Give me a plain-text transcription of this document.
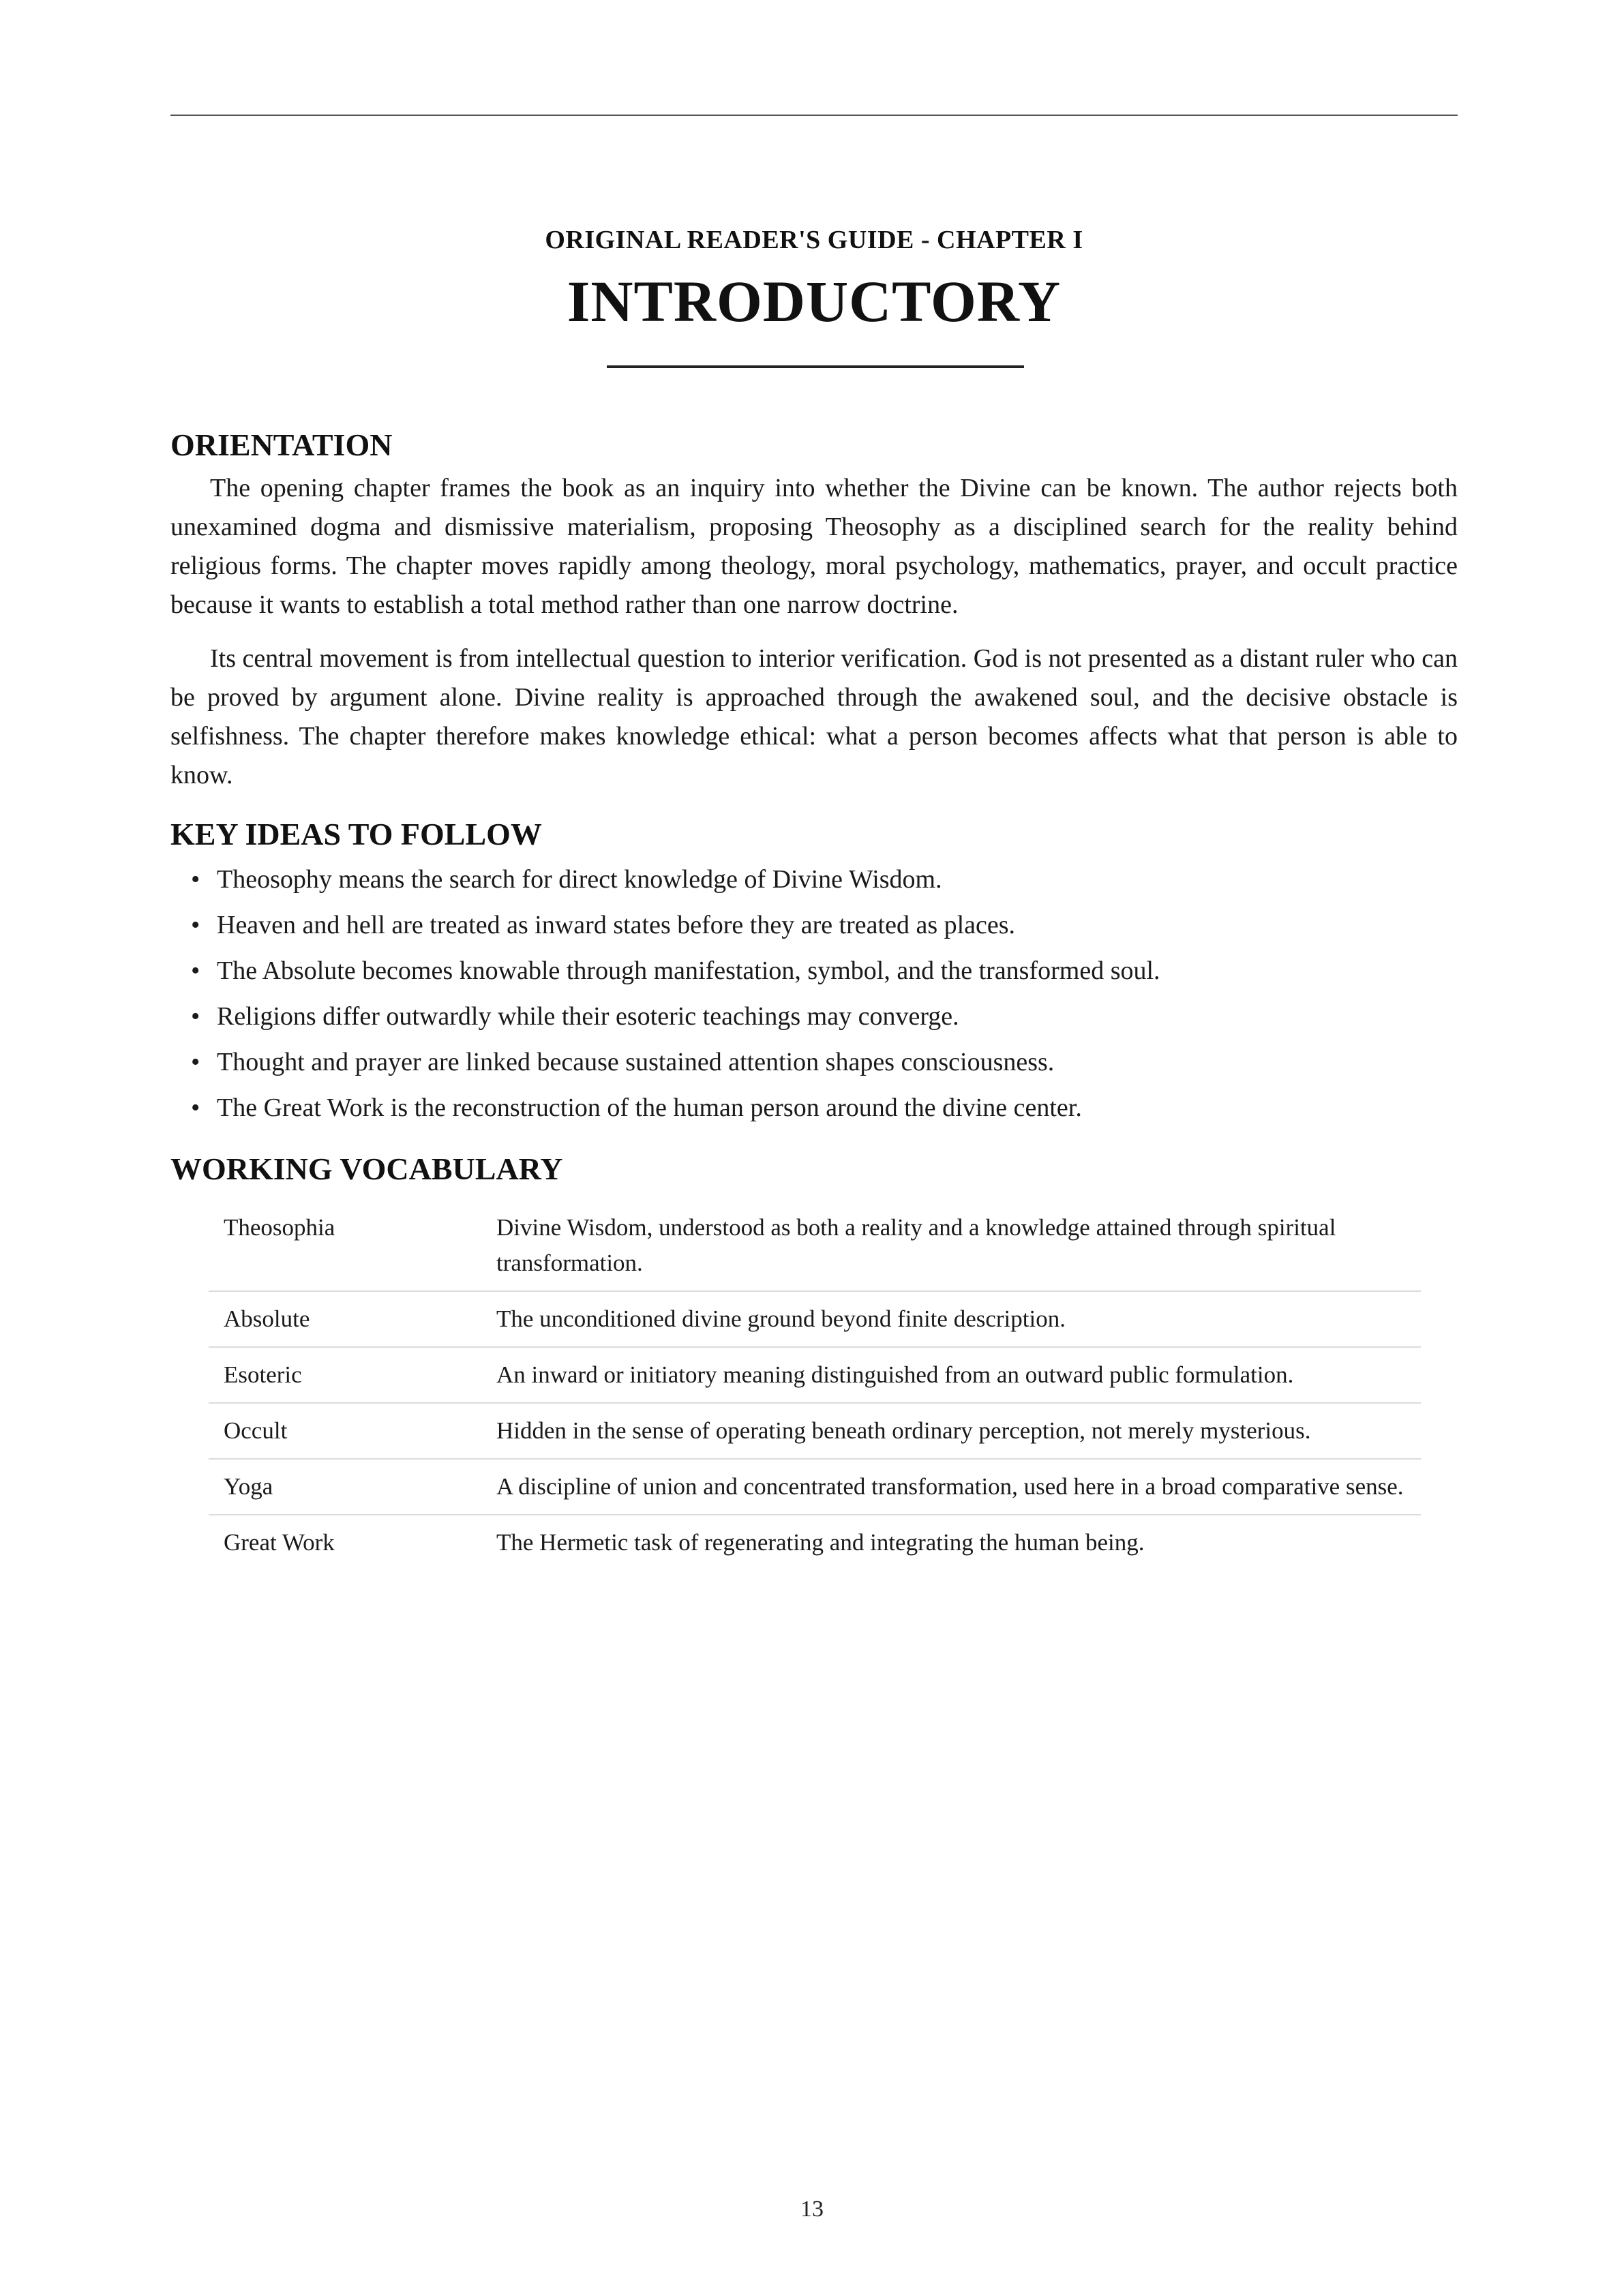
ORIGINAL READER'S GUIDE - CHAPTER I
INTRODUCTORY
ORIENTATION

The opening chapter frames the book as an inquiry into whether the Divine can be known. The author rejects both unexamined dogma and dismissive materialism, proposing Theosophy as a disciplined search for the reality behind religious forms. The chapter moves rapidly among theology, moral psychology, mathematics, prayer, and occult practice because it wants to establish a total method rather than one narrow doctrine.

Its central movement is from intellectual question to interior verification. God is not presented as a distant ruler who can be proved by argument alone. Divine reality is approached through the awakened soul, and the decisive obstacle is selfishness. The chapter therefore makes knowledge ethical: what a person becomes affects what that person is able to know.

KEY IDEAS TO FOLLOW
• Theosophy means the search for direct knowledge of Divine Wisdom.
• Heaven and hell are treated as inward states before they are treated as places.
• The Absolute becomes knowable through manifestation, symbol, and the transformed soul.
• Religions differ outwardly while their esoteric teachings may converge.
• Thought and prayer are linked because sustained attention shapes consciousness.
• The Great Work is the reconstruction of the human person around the divine center.
WORKING VOCABULARY
Theosophia	Divine Wisdom, understood as both a reality and a knowledge attained through spiritual transformation.
Absolute	The unconditioned divine ground beyond finite description.
Esoteric	An inward or initiatory meaning distinguished from an outward public formulation.
Occult	Hidden in the sense of operating beneath ordinary perception, not merely mysterious.
Yoga	A discipline of union and concentrated transformation, used here in a broad comparative sense.
Great Work	The Hermetic task of regenerating and integrating the human being.
13
